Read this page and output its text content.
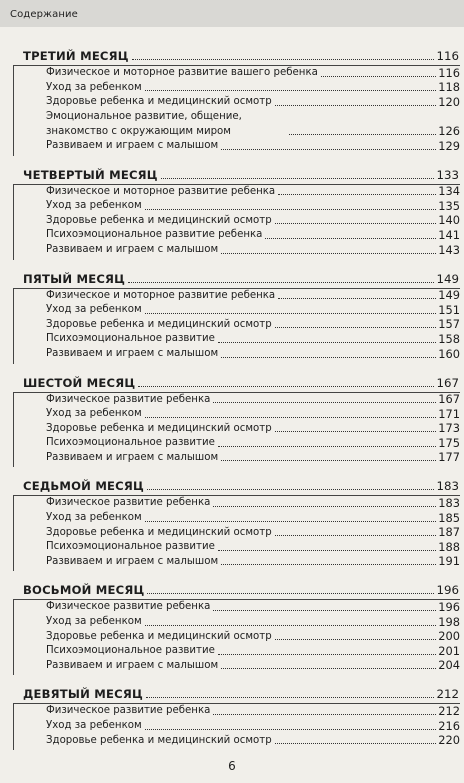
Содержание
ТРЕТИЙ МЕСЯЦ	116
Физическое и моторное развитие вашего ребенка	116
Уход за ребенком	118
Здоровье ребенка и медицинский осмотр	120
Эмоциональное развитие, общение, знакомство с окружающим миром	126
Развиваем и играем с малышом	129
ЧЕТВЕРТЫЙ МЕСЯЦ	133
Физическое и моторное развитие ребенка	134
Уход за ребенком	135
Здоровье ребенка и медицинский осмотр	140
Психоэмоциональное развитие ребенка	141
Развиваем и играем с малышом	143
ПЯТЫЙ МЕСЯЦ	149
Физическое и моторное развитие ребенка	149
Уход за ребенком	151
Здоровье ребенка и медицинский осмотр	157
Психоэмоциональное развитие	158
Развиваем и играем с малышом	160
ШЕСТОЙ МЕСЯЦ	167
Физическое развитие ребенка	167
Уход за ребенком	171
Здоровье ребенка и медицинский осмотр	173
Психоэмоциональное развитие	175
Развиваем и играем с малышом	177
СЕДЬМОЙ МЕСЯЦ	183
Физическое развитие ребенка	183
Уход за ребенком	185
Здоровье ребенка и медицинский осмотр	187
Психоэмоциональное развитие	188
Развиваем и играем с малышом	191
ВОСЬМОЙ МЕСЯЦ	196
Физическое развитие ребенка	196
Уход за ребенком	198
Здоровье ребенка и медицинский осмотр	200
Психоэмоциональное развитие	201
Развиваем и играем с малышом	204
ДЕВЯТЫЙ МЕСЯЦ	212
Физическое развитие ребенка	212
Уход за ребенком	216
Здоровье ребенка и медицинский осмотр	220
6
